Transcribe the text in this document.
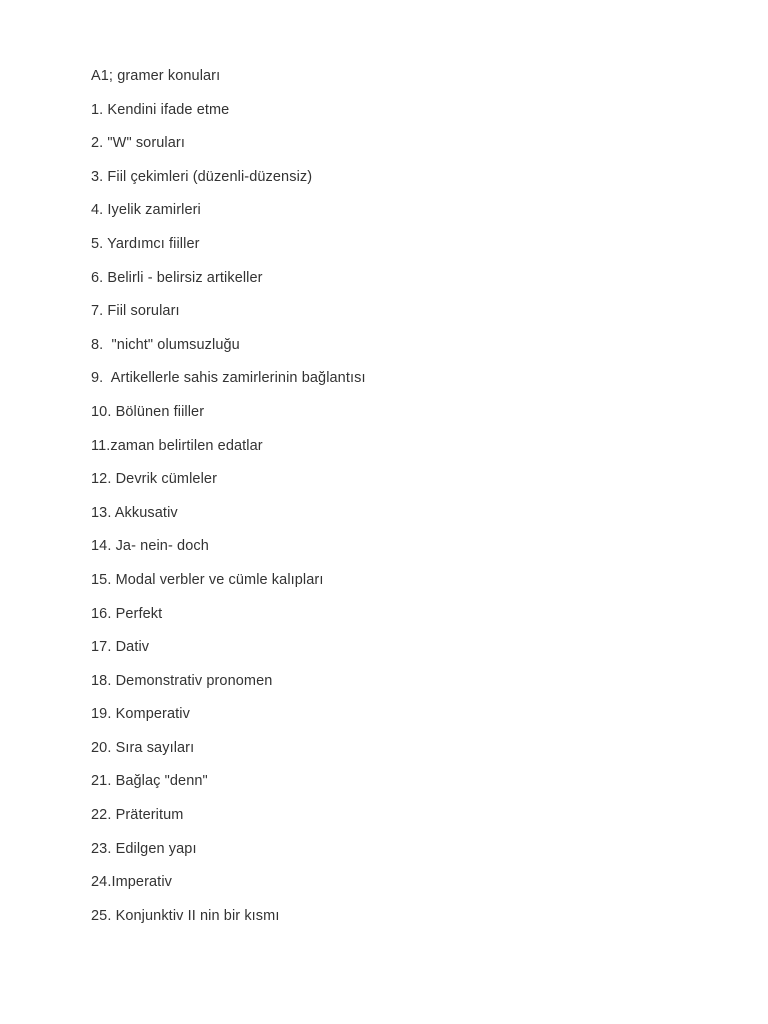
A1; gramer konuları
1. Kendini ifade etme
2. "W" soruları
3. Fiil çekimleri (düzenli-düzensiz)
4. Iyelik zamirleri
5. Yardımcı fiiller
6. Belirli - belirsiz artikeller
7. Fiil soruları
8.  "nicht" olumsuzluğu
9.  Artikellerle sahis zamirlerinin bağlantısı
10. Bölünen fiiller
11.zaman belirtilen edatlar
12. Devrik cümleler
13. Akkusativ
14. Ja- nein- doch
15. Modal verbler ve cümle kalıpları
16. Perfekt
17. Dativ
18. Demonstrativ pronomen
19. Komperativ
20. Sıra sayıları
21. Bağlaç "denn"
22. Präteritum
23. Edilgen yapı
24.Imperativ
25. Konjunktiv II nin bir kısmı
